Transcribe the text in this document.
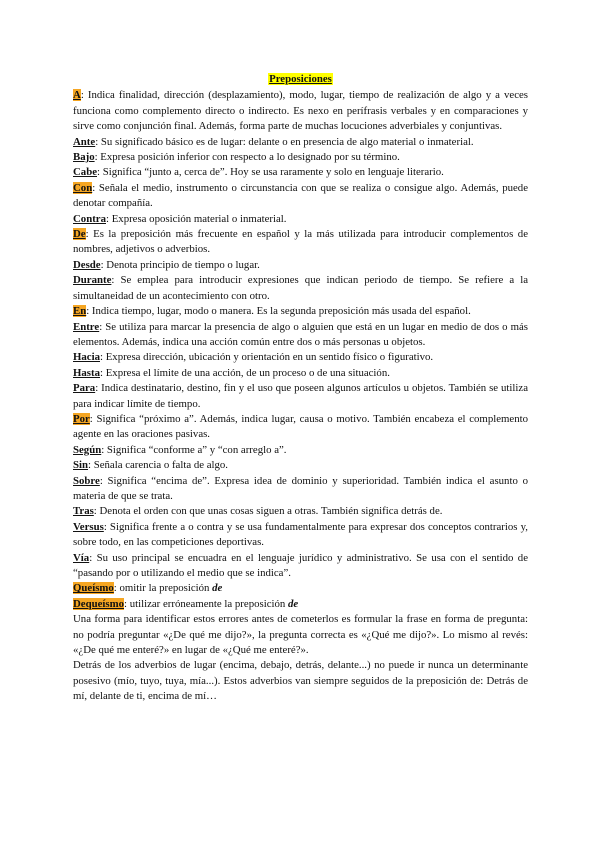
Preposiciones

A: Indica finalidad, dirección (desplazamiento), modo, lugar, tiempo de realización de algo y a veces funciona como complemento directo o indirecto. Es nexo en perífrasis verbales y en comparaciones y sirve como conjunción final. Además, forma parte de muchas locuciones adverbiales y conjuntivas.

Ante: Su significado básico es de lugar: delante o en presencia de algo material o inmaterial.

Bajo: Expresa posición inferior con respecto a lo designado por su término.

Cabe: Significa “junto a, cerca de”. Hoy se usa raramente y solo en lenguaje literario.

Con: Señala el medio, instrumento o circunstancia con que se realiza o consigue algo. Además, puede denotar compañía.

Contra: Expresa oposición material o inmaterial.

De: Es la preposición más frecuente en español y la más utilizada para introducir complementos de nombres, adjetivos o adverbios.

Desde: Denota principio de tiempo o lugar.

Durante: Se emplea para introducir expresiones que indican periodo de tiempo. Se refiere a la simultaneidad de un acontecimiento con otro.

En: Indica tiempo, lugar, modo o manera. Es la segunda preposición más usada del español.

Entre: Se utiliza para marcar la presencia de algo o alguien que está en un lugar en medio de dos o más elementos. Además, indica una acción común entre dos o más personas u objetos.

Hacia: Expresa dirección, ubicación y orientación en un sentido físico o figurativo.

Hasta: Expresa el límite de una acción, de un proceso o de una situación.

Para: Indica destinatario, destino, fin y el uso que poseen algunos artículos u objetos. También se utiliza para indicar límite de tiempo.

Por: Significa “próximo a”. Además, indica lugar, causa o motivo. También encabeza el complemento agente en las oraciones pasivas.

Según: Significa “conforme a” y “con arreglo a”.

Sin: Señala carencia o falta de algo.

Sobre: Significa “encima de”. Expresa idea de dominio y superioridad. También indica el asunto o materia de que se trata.

Tras: Denota el orden con que unas cosas siguen a otras. También significa detrás de.

Versus: Significa frente a o contra y se usa fundamentalmente para expresar dos conceptos contrarios y, sobre todo, en las competiciones deportivas.

Vía: Su uso principal se encuadra en el lenguaje jurídico y administrativo. Se usa con el sentido de “pasando por o utilizando el medio que se indica”.

Queísmo: omitir la preposición de

Dequeísmo: utilizar erróneamente la preposición de

Una forma para identificar estos errores antes de cometerlos es formular la frase en forma de pregunta: no podría preguntar «¿De qué me dijo?», la pregunta correcta es «¿Qué me dijo?». Lo mismo al revés: «¿De qué me enteré?» en lugar de «¿Qué me enteré?».

Detrás de los adverbios de lugar (encima, debajo, detrás, delante...) no puede ir nunca un determinante posesivo (mío, tuyo, tuya, mía...). Estos adverbios van siempre seguidos de la preposición de: Detrás de mí, delante de ti, encima de mí…
